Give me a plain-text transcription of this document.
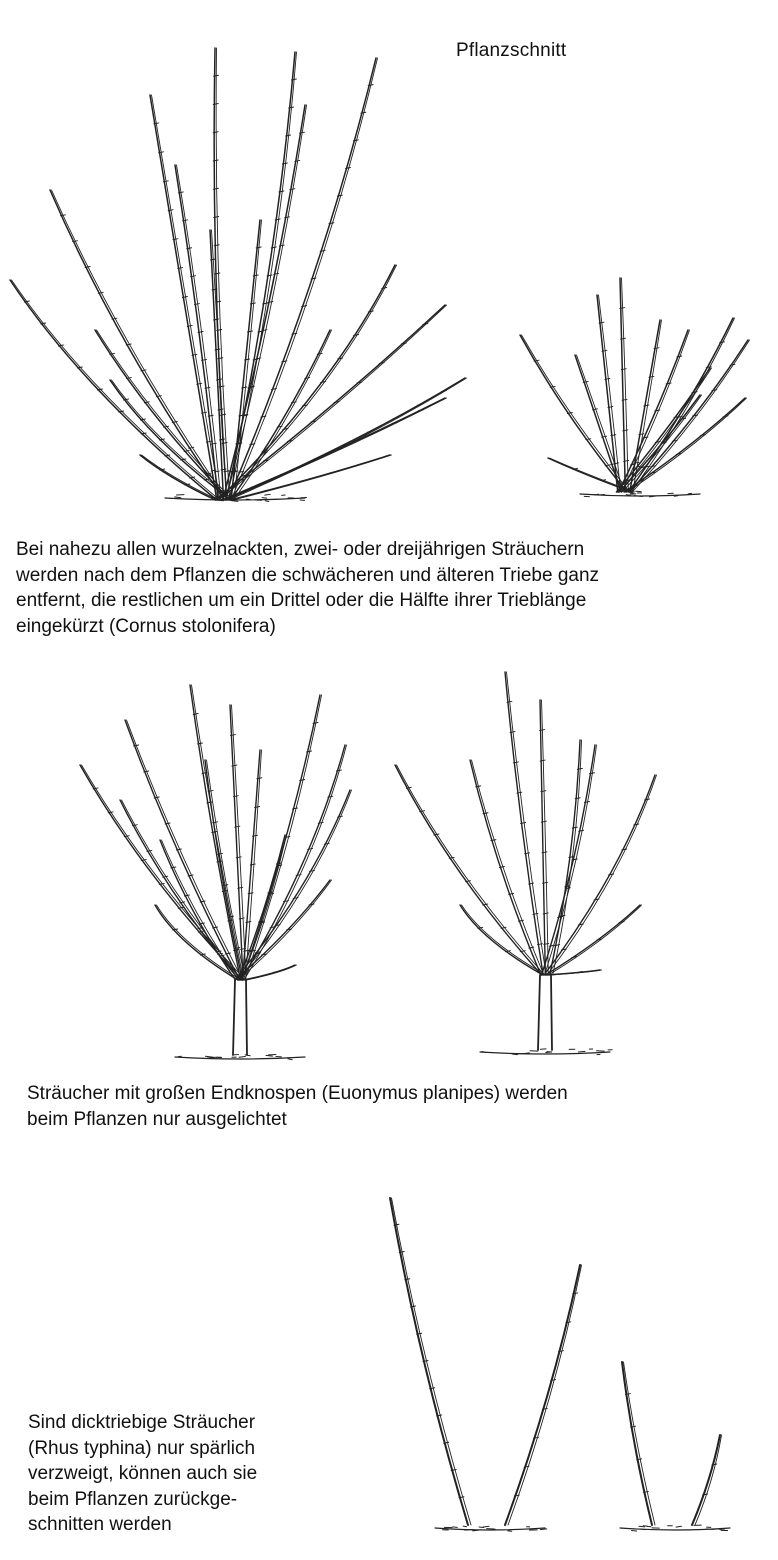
Pflanzschnitt
Bei nahezu allen wurzelnackten, zwei- oder dreijährigen Sträuchern
werden nach dem Pflanzen die schwächeren und älteren Triebe ganz
entfernt, die restlichen um ein Drittel oder die Hälfte ihrer Trieblänge
eingekürzt (Cornus stolonifera)
Sträucher mit großen Endknospen (Euonymus planipes) werden
beim Pflanzen nur ausgelichtet
Sind dicktriebige Sträucher
(Rhus typhina) nur spärlich
verzweigt, können auch sie
beim Pflanzen zurückge-
schnitten werden
